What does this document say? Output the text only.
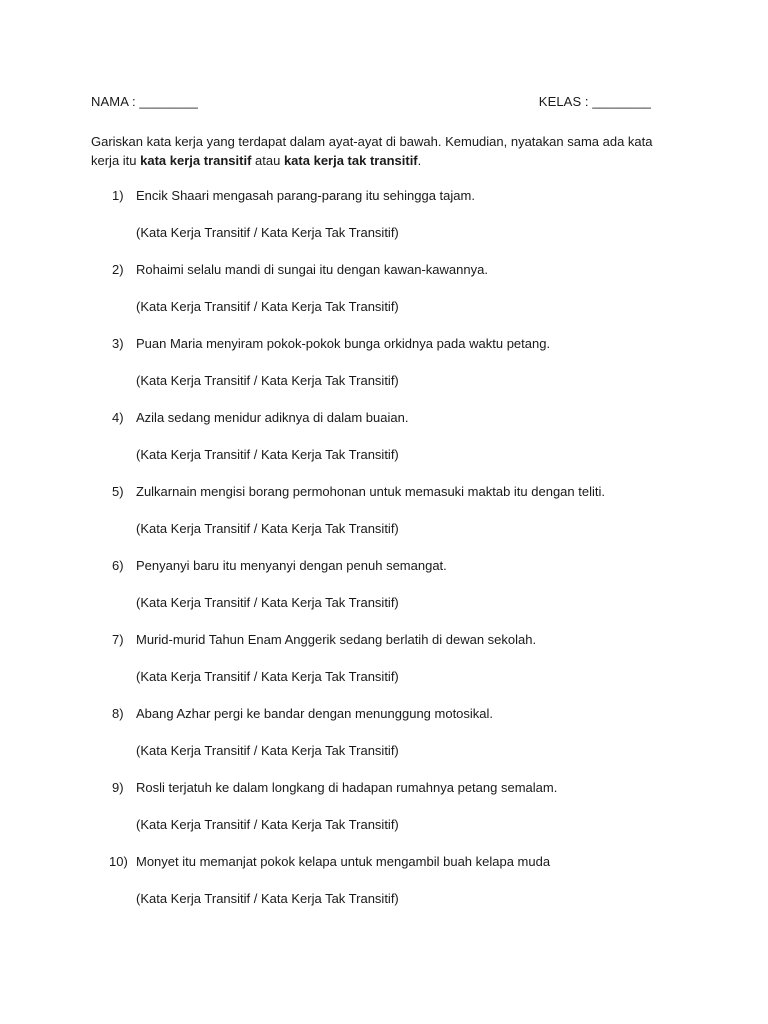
NAMA : ________	KELAS : ________
Gariskan kata kerja yang terdapat dalam ayat-ayat di bawah. Kemudian, nyatakan sama ada kata kerja itu kata kerja transitif atau kata kerja tak transitif.
1) Encik Shaari mengasah parang-parang itu sehingga tajam.
(Kata Kerja Transitif / Kata Kerja Tak Transitif)
2) Rohaimi selalu mandi di sungai itu dengan kawan-kawannya.
(Kata Kerja Transitif / Kata Kerja Tak Transitif)
3) Puan Maria menyiram pokok-pokok bunga orkidnya pada waktu petang.
(Kata Kerja Transitif / Kata Kerja Tak Transitif)
4) Azila sedang menidur adiknya di dalam buaian.
(Kata Kerja Transitif / Kata Kerja Tak Transitif)
5) Zulkarnain mengisi borang permohonan untuk memasuki maktab itu dengan teliti.
(Kata Kerja Transitif / Kata Kerja Tak Transitif)
6) Penyanyi baru itu menyanyi dengan penuh semangat.
(Kata Kerja Transitif / Kata Kerja Tak Transitif)
7) Murid-murid Tahun Enam Anggerik sedang berlatih di dewan sekolah.
(Kata Kerja Transitif / Kata Kerja Tak Transitif)
8) Abang Azhar pergi ke bandar dengan menunggung motosikal.
(Kata Kerja Transitif / Kata Kerja Tak Transitif)
9) Rosli terjatuh ke dalam longkang di hadapan rumahnya petang semalam.
(Kata Kerja Transitif / Kata Kerja Tak Transitif)
10) Monyet itu memanjat pokok kelapa untuk mengambil buah kelapa muda
(Kata Kerja Transitif / Kata Kerja Tak Transitif)
